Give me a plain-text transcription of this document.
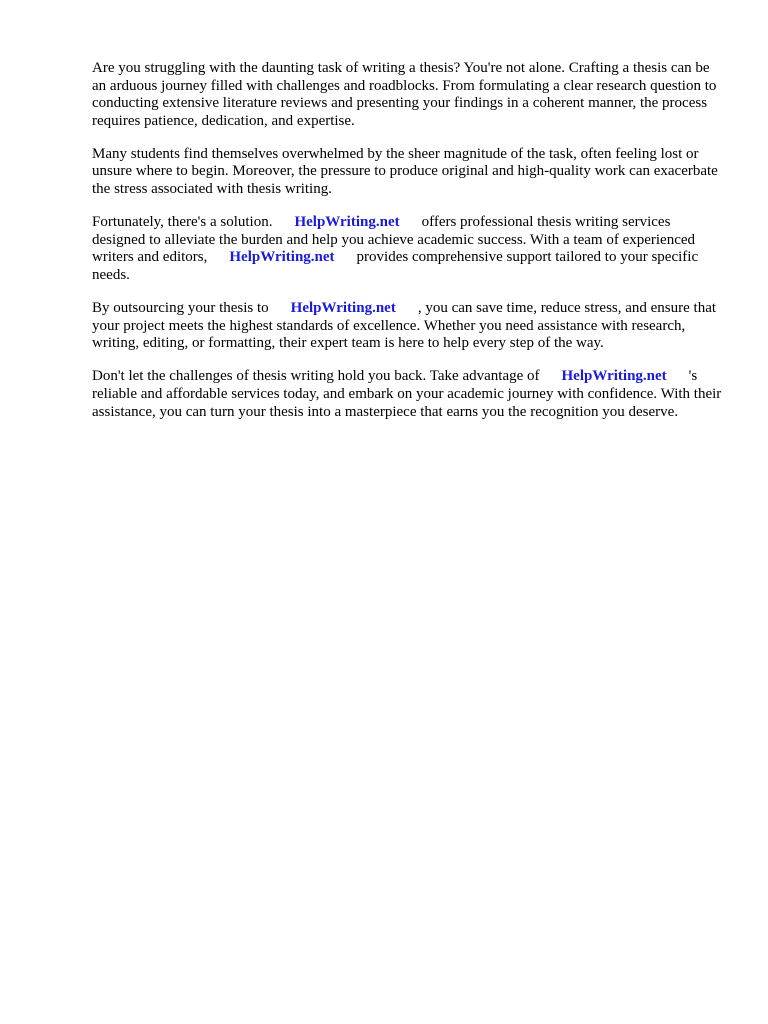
Are you struggling with the daunting task of writing a thesis? You're not alone. Crafting a thesis can be an arduous journey filled with challenges and roadblocks. From formulating a clear research question to conducting extensive literature reviews and presenting your findings in a coherent manner, the process requires patience, dedication, and expertise.

Many students find themselves overwhelmed by the sheer magnitude of the task, often feeling lost or unsure where to begin. Moreover, the pressure to produce original and high-quality work can exacerbate the stress associated with thesis writing.

Fortunately, there's a solution. HelpWriting.net offers professional thesis writing services designed to alleviate the burden and help you achieve academic success. With a team of experienced writers and editors, HelpWriting.net provides comprehensive support tailored to your specific needs.

By outsourcing your thesis to HelpWriting.net , you can save time, reduce stress, and ensure that your project meets the highest standards of excellence. Whether you need assistance with research, writing, editing, or formatting, their expert team is here to help every step of the way.

Don't let the challenges of thesis writing hold you back. Take advantage of HelpWriting.net 's reliable and affordable services today, and embark on your academic journey with confidence. With their assistance, you can turn your thesis into a masterpiece that earns you the recognition you deserve.
